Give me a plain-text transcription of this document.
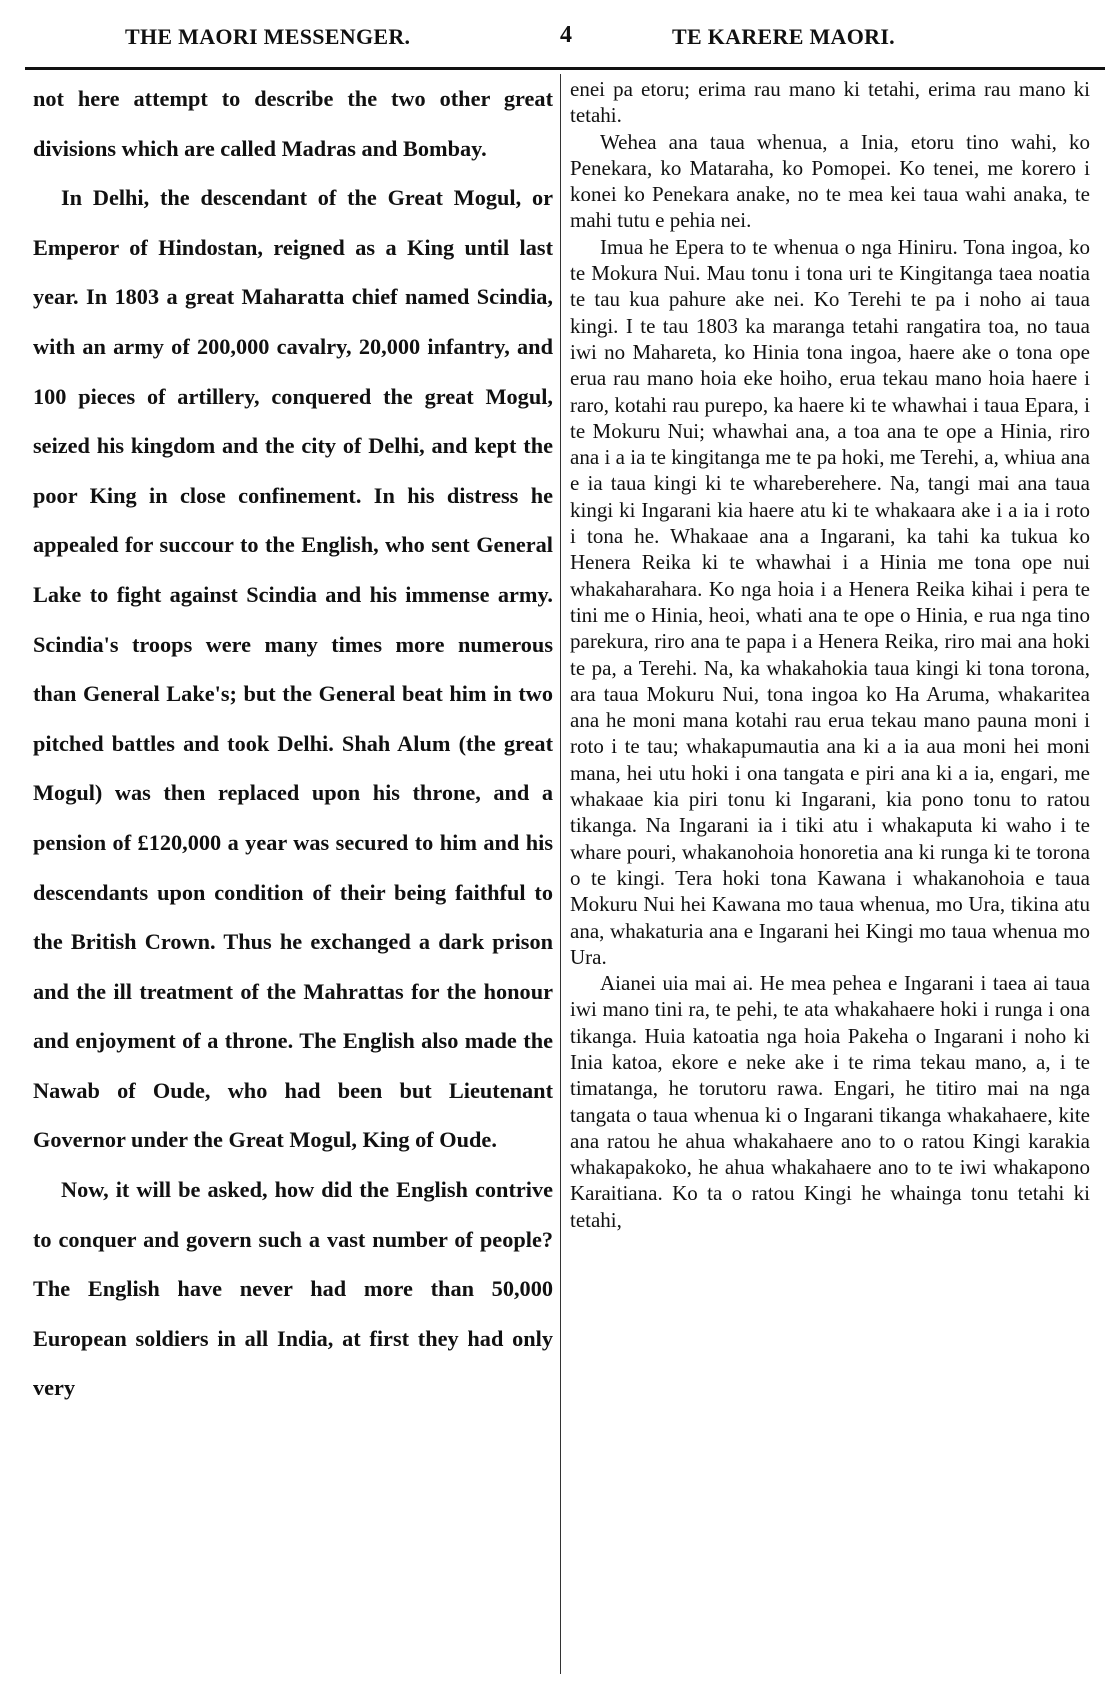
THE MAORI MESSENGER.	4	TE KARERE MAORI.

not here attempt to describe the two other great divisions which are called Madras and Bombay.

In Delhi, the descendant of the Great Mogul, or Emperor of Hindostan, reigned as a King until last year. In 1803 a great Maharatta chief named Scindia, with an army of 200,000 cavalry, 20,000 infantry, and 100 pieces of artillery, conquered the great Mogul, seized his kingdom and the city of Delhi, and kept the poor King in close confinement. In his distress he appealed for succour to the English, who sent General Lake to fight against Scindia and his immense army. Scindia's troops were many times more numerous than General Lake's; but the General beat him in two pitched battles and took Delhi. Shah Alum (the great Mogul) was then replaced upon his throne, and a pension of £120,000 a year was secured to him and his descendants upon condition of their being faithful to the British Crown. Thus he exchanged a dark prison and the ill treatment of the Mahrattas for the honour and enjoyment of a throne. The English also made the Nawab of Oude, who had been but Lieutenant Governor under the Great Mogul, King of Oude.

Now, it will be asked, how did the English contrive to conquer and govern such a vast number of people? The English have never had more than 50,000 European soldiers in all India, at first they had only very

enei pa etoru; erima rau mano ki tetahi, erima rau mano ki tetahi.

Wehea ana taua whenua, a Inia, etoru tino wahi, ko Penekara, ko Mataraha, ko Pomopei. Ko tenei, me korero i konei ko Penekara anake, no te mea kei taua wahi anaka, te mahi tutu e pehia nei.

Imua he Epera to te whenua o nga Hiniru. Tona ingoa, ko te Mokura Nui. Mau tonu i tona uri te Kingitanga taea noatia te tau kua pahure ake nei. Ko Terehi te pa i noho ai taua kingi. I te tau 1803 ka maranga tetahi rangatira toa, no taua iwi no Mahareta, ko Hinia tona ingoa, haere ake o tona ope erua rau mano hoia eke hoiho, erua tekau mano hoia haere i raro, kotahi rau purepo, ka haere ki te whawhai i taua Epara, i te Mokuru Nui; whawhai ana, a toa ana te ope a Hinia, riro ana i a ia te kingitanga me te pa hoki, me Terehi, a, whiua ana e ia taua kingi ki te whareberehere. Na, tangi mai ana taua kingi ki Ingarani kia haere atu ki te whakaara ake i a ia i roto i tona he. Whakaae ana a Ingarani, ka tahi ka tukua ko Henera Reika ki te whawhai i a Hinia me tona ope nui whakaharahara. Ko nga hoia i a Henera Reika kihai i pera te tini me o Hinia, heoi, whati ana te ope o Hinia, e rua nga tino parekura, riro ana te papa i a Henera Reika, riro mai ana hoki te pa, a Terehi. Na, ka whakahokia taua kingi ki tona torona, ara taua Mokuru Nui, tona ingoa ko Ha Aruma, whakaritea ana he moni mana kotahi rau erua tekau mano pauna moni i roto i te tau; whakapumautia ana ki a ia aua moni hei moni mana, hei utu hoki i ona tangata e piri ana ki a ia, engari, me whakaae kia piri tonu ki Ingarani, kia pono tonu to ratou tikanga. Na Ingarani ia i tiki atu i whakaputa ki waho i te whare pouri, whakanohoia honoretia ana ki runga ki te torona o te kingi. Tera hoki tona Kawana i whakanohoia e taua Mokuru Nui hei Kawana mo taua whenua, mo Ura, tikina atu ana, whakaturia ana e Ingarani hei Kingi mo taua whenua mo Ura.

Aianei uia mai ai. He mea pehea e Ingarani i taea ai taua iwi mano tini ra, te pehi, te ata whakahaere hoki i runga i ona tikanga. Huia katoatia nga hoia Pakeha o Ingarani i noho ki Inia katoa, ekore e neke ake i te rima tekau mano, a, i te timatanga, he torutoru rawa. Engari, he titiro mai na nga tangata o taua whenua ki o Ingarani tikanga whakahaere, kite ana ratou he ahua whakahaere ano to o ratou Kingi karakia whakapakoko, he ahua whakahaere ano to te iwi whakapono Karaitiana. Ko ta o ratou Kingi he whainga tonu tetahi ki tetahi,
